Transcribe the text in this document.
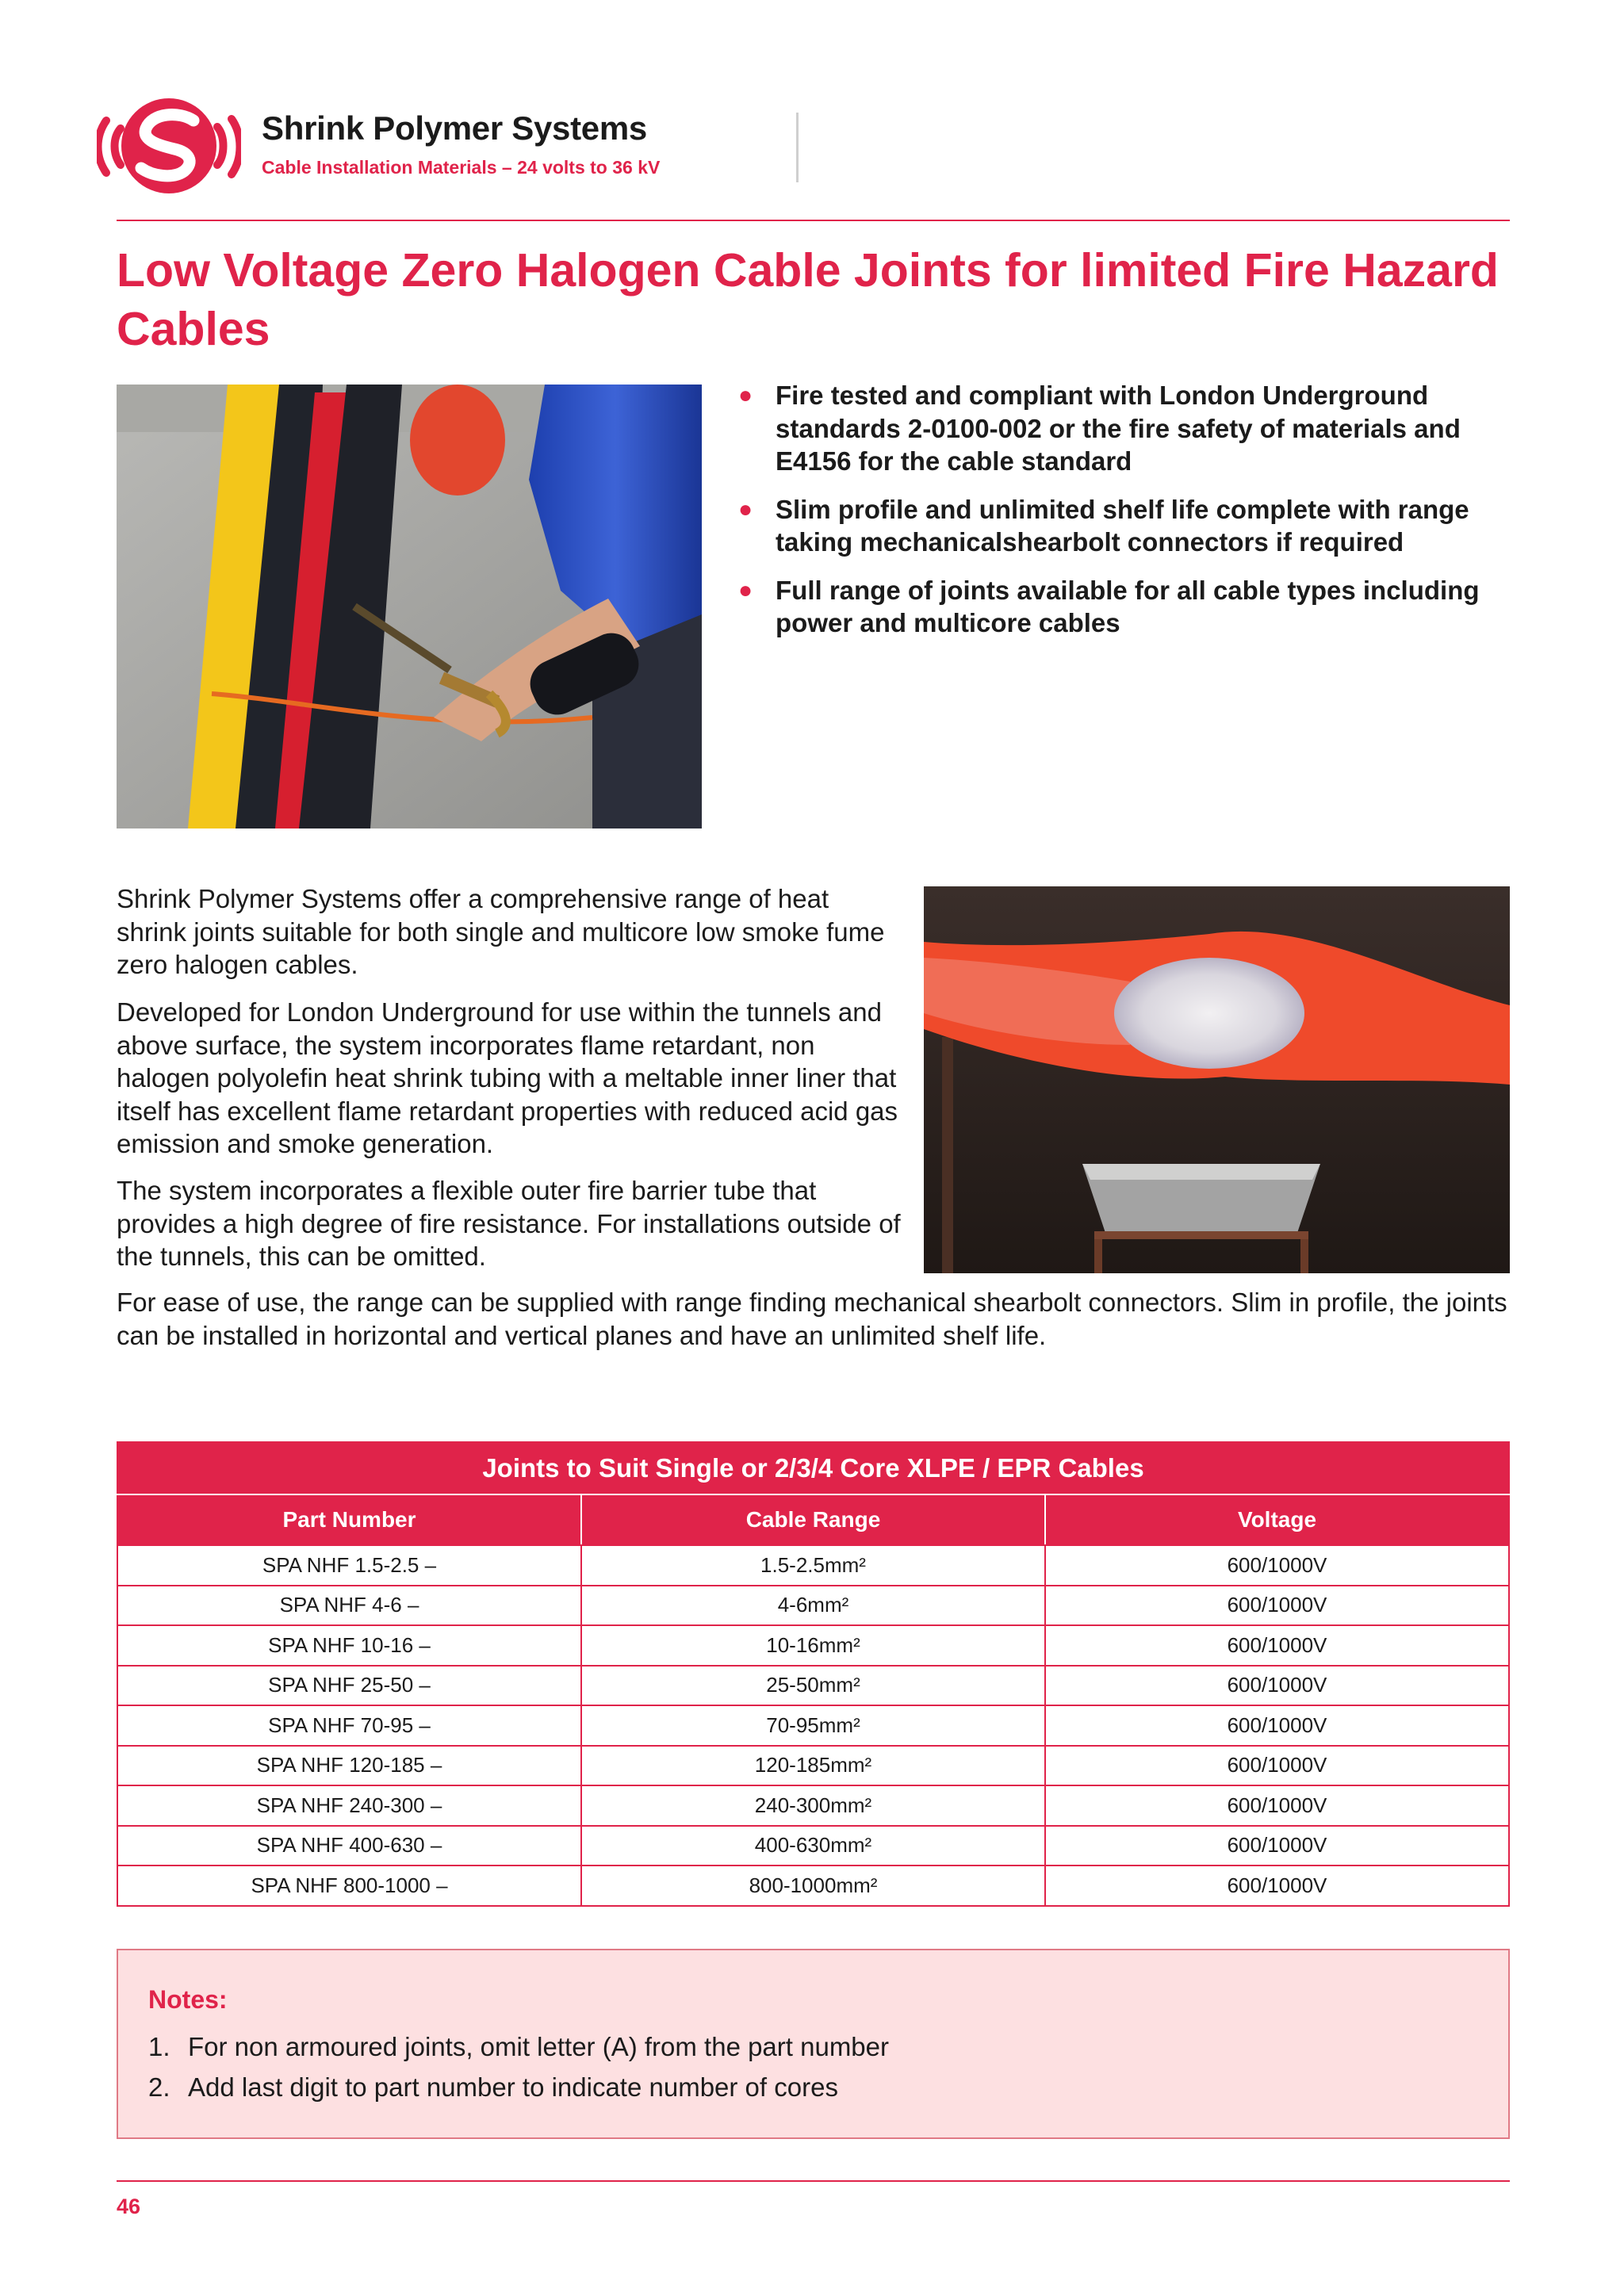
Shrink Polymer Systems
Cable Installation Materials – 24 volts to 36 kV
Low Voltage Zero Halogen Cable Joints for limited Fire Hazard Cables
● Fire tested and compliant with London Underground standards 2-0100-002 or the fire safety of materials and E4156 for the cable standard
● Slim profile and unlimited shelf life complete with range taking mechanicalshearbolt connectors if required
● Full range of joints available for all cable types including power and multicore cables

Shrink Polymer Systems offer a comprehensive range of heat shrink joints suitable for both single and multicore low smoke fume zero halogen cables.

Developed for London Underground for use within the tunnels and above surface, the system incorporates flame retardant, non halogen polyolefin heat shrink tubing with a meltable inner liner that itself has excellent flame retardant properties with reduced acid gas emission and smoke generation.

The system incorporates a flexible outer fire barrier tube that provides a high degree of fire resistance. For installations outside of the tunnels, this can be omitted.

For ease of use, the range can be supplied with range finding mechanical shearbolt connectors. Slim in profile, the joints can be installed in horizontal and vertical planes and have an unlimited shelf life.

Joints to Suit Single or 2/3/4 Core XLPE / EPR Cables		
Part Number	Cable Range	Voltage
SPA NHF 1.5-2.5 –	1.5-2.5mm²	600/1000V
SPA NHF 4-6 –	4-6mm²	600/1000V
SPA NHF 10-16 –	10-16mm²	600/1000V
SPA NHF 25-50 –	25-50mm²	600/1000V
SPA NHF 70-95 –	70-95mm²	600/1000V
SPA NHF 120-185 –	120-185mm²	600/1000V
SPA NHF 240-300 –	240-300mm²	600/1000V
SPA NHF 400-630 –	400-630mm²	600/1000V
SPA NHF 800-1000 –	800-1000mm²	600/1000V
Notes:
1. For non armoured joints, omit letter (A) from the part number
2. Add last digit to part number to indicate number of cores
46
